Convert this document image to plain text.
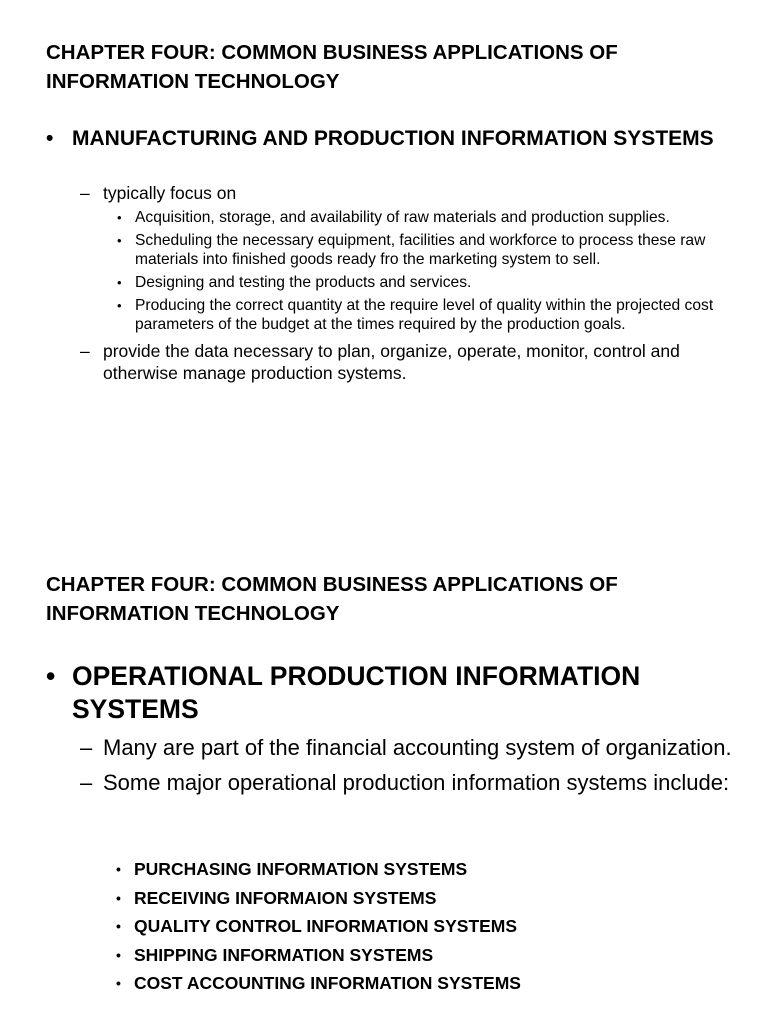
CHAPTER FOUR: COMMON BUSINESS APPLICATIONS OF INFORMATION TECHNOLOGY
• MANUFACTURING AND PRODUCTION INFORMATION SYSTEMS
– typically focus on
• Acquisition, storage, and availability of raw materials and production supplies.
• Scheduling the necessary equipment, facilities and workforce to process these raw materials into finished goods ready fro the marketing system to sell.
• Designing and testing the products and services.
• Producing the correct quantity at the require level of quality within the projected cost parameters of the budget at the times required by the production goals.
– provide the data necessary to plan, organize, operate, monitor, control and otherwise manage production systems.
CHAPTER FOUR: COMMON BUSINESS APPLICATIONS OF INFORMATION TECHNOLOGY
• OPERATIONAL PRODUCTION INFORMATION SYSTEMS
– Many are part of the financial accounting system of organization.
– Some major operational production information systems include:
• PURCHASING INFORMATION SYSTEMS
• RECEIVING INFORMAION SYSTEMS
• QUALITY CONTROL INFORMATION SYSTEMS
• SHIPPING INFORMATION SYSTEMS
• COST ACCOUNTING INFORMATION SYSTEMS
